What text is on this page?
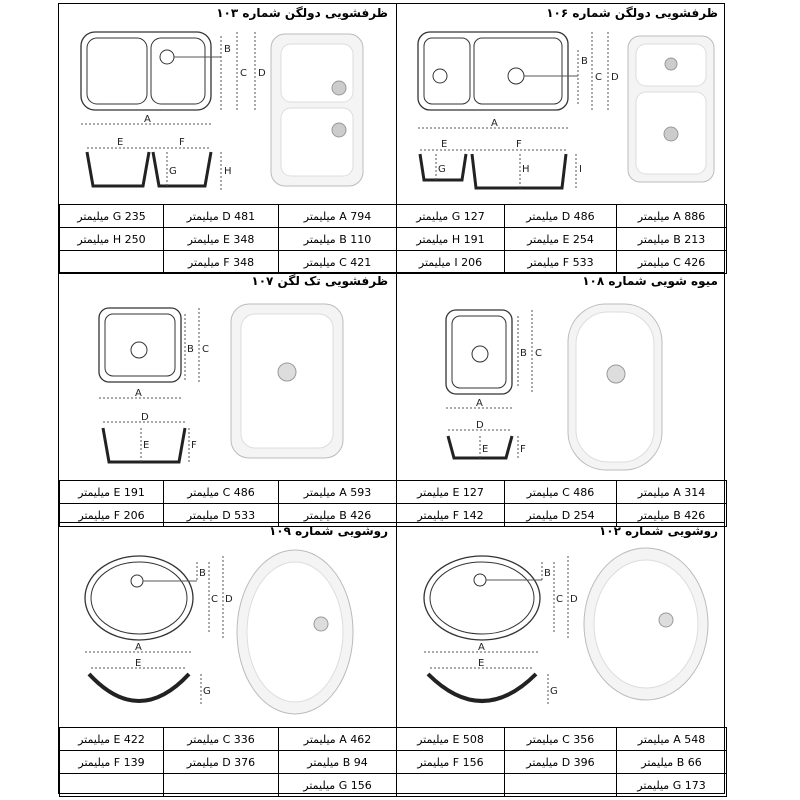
ظرفشویی دولگن شماره ۱۰۳
B
C D
A
E	F
G	H
G 235 میلیمتر	D 481 میلیمتر	A 794 میلیمتر
H 250 میلیمتر	E 348 میلیمتر	B 110 میلیمتر
	F 348 میلیمتر	C 421 میلیمتر
ظرفشویی دولگن شماره ۱۰۶
B
C D
A
E	F
G	H	I
G 127 میلیمتر	D 486 میلیمتر	A 886 میلیمتر
H 191 میلیمتر	E 254 میلیمتر	B 213 میلیمتر
I 206 میلیمتر	F 533 میلیمتر	C 426 میلیمتر
ظرفشویی تک لگن ۱۰۷
B C
A
D
E	F
E 191 میلیمتر	C 486 میلیمتر	A 593 میلیمتر
F 206 میلیمتر	D 533 میلیمتر	B 426 میلیمتر
میوه شویی شماره ۱۰۸
B C
A
D
E	F
E 127 میلیمتر	C 486 میلیمتر	A 314 میلیمتر
F 142 میلیمتر	D 254 میلیمتر	B 426 میلیمتر
روشویی شماره ۱۰۹
B
C D
A
E
G
E 422 میلیمتر	C 336 میلیمتر	A 462 میلیمتر
F 139 میلیمتر	D 376 میلیمتر	B 94 میلیمتر
		G 156 میلیمتر
روشویی شماره ۱۰۲
B
C D
A
E
G
E 508 میلیمتر	C 356 میلیمتر	A 548 میلیمتر
F 156 میلیمتر	D 396 میلیمتر	B 66 میلیمتر
		G 173 میلیمتر
